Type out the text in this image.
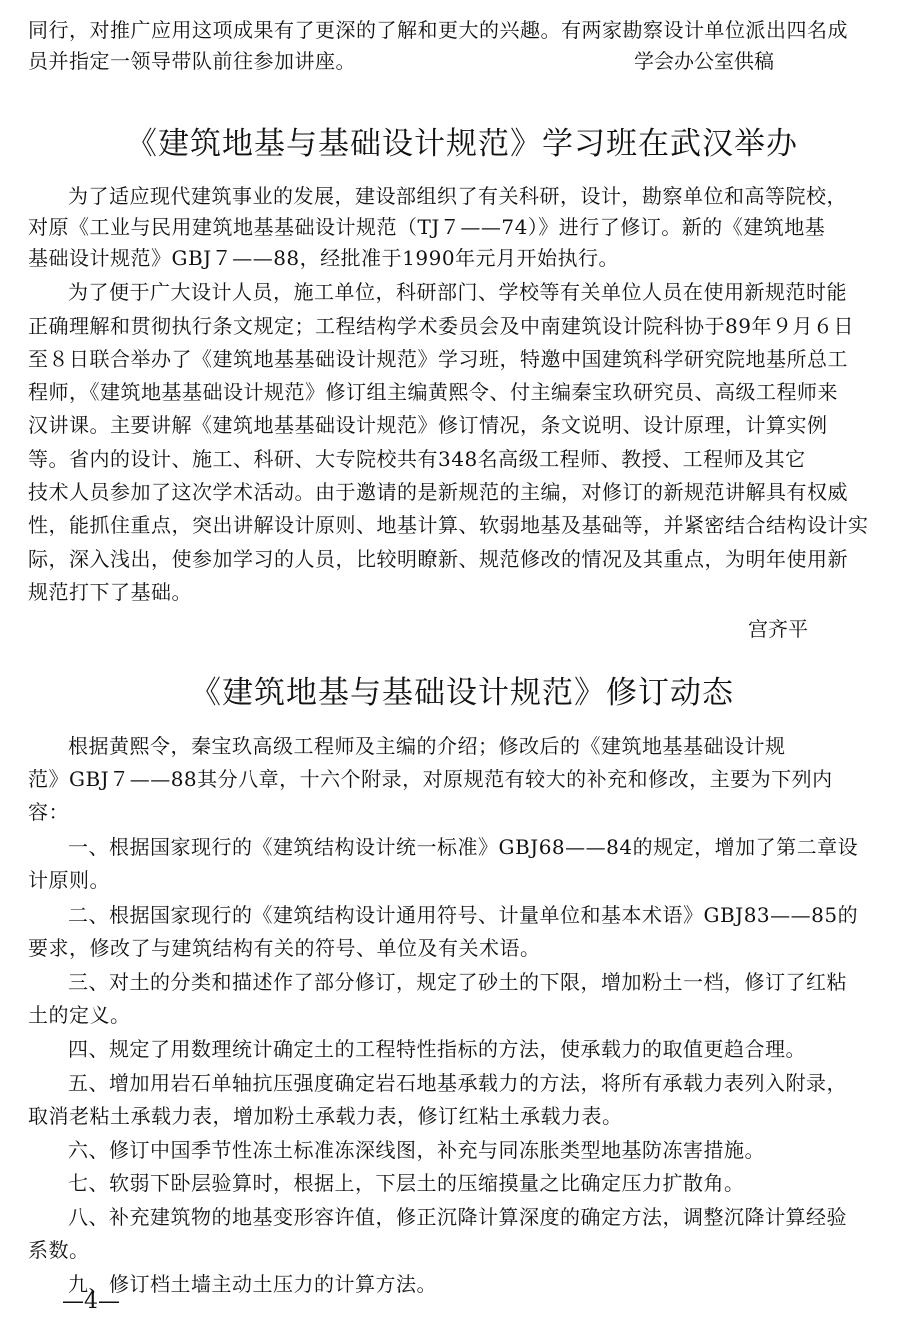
同行，对推广应用这项成果有了更深的了解和更大的兴趣。有两家勘察设计单位派出四名成
员并指定一领导带队前往参加讲座。	学会办公室供稿
《建筑地基与基础设计规范》学习班在武汉举办
为了适应现代建筑事业的发展，建设部组织了有关科研，设计，勘察单位和高等院校，
对原《工业与民用建筑地基基础设计规范（TJ７——74）》进行了修订。新的《建筑地基
基础设计规范》GBJ７——88，经批准于1990年元月开始执行。
为了便于广大设计人员，施工单位，科研部门、学校等有关单位人员在使用新规范时能
正确理解和贯彻执行条文规定；工程结构学术委员会及中南建筑设计院科协于89年９月６日
至８日联合举办了《建筑地基基础设计规范》学习班，特邀中国建筑科学研究院地基所总工
程师，《建筑地基基础设计规范》修订组主编黄熙令、付主编秦宝玖研究员、高级工程师来
汉讲课。主要讲解《建筑地基基础设计规范》修订情况，条文说明、设计原理，计算实例
等。省内的设计、施工、科研、大专院校共有348名高级工程师、教授、工程师及其它
技术人员参加了这次学术活动。由于邀请的是新规范的主编，对修订的新规范讲解具有权威
性，能抓住重点，突出讲解设计原则、地基计算、软弱地基及基础等，并紧密结合结构设计实
际，深入浅出，使参加学习的人员，比较明瞭新、规范修改的情况及其重点，为明年使用新
规范打下了基础。
宫齐平
《建筑地基与基础设计规范》修订动态
根据黄熙令，秦宝玖高级工程师及主编的介绍；修改后的《建筑地基基础设计规
范》GBJ７——88其分八章，十六个附录，对原规范有较大的补充和修改，主要为下列内
容：
一、根据国家现行的《建筑结构设计统一标准》GBJ68——84的规定，增加了第二章设
计原则。
二、根据国家现行的《建筑结构设计通用符号、计量单位和基本术语》GBJ83——85的
要求，修改了与建筑结构有关的符号、单位及有关术语。
三、对土的分类和描述作了部分修订，规定了砂土的下限，增加粉土一档，修订了红粘
土的定义。
四、规定了用数理统计确定土的工程特性指标的方法，使承载力的取值更趋合理。
五、增加用岩石单轴抗压强度确定岩石地基承载力的方法，将所有承载力表列入附录，
取消老粘土承载力表，增加粉土承载力表，修订红粘土承载力表。
六、修订中国季节性冻土标准冻深线图，补充与同冻胀类型地基防冻害措施。
七、软弱下卧层验算时，根据上，下层土的压缩摸量之比确定压力扩散角。
八、补充建筑物的地基变形容许值，修正沉降计算深度的确定方法，调整沉降计算经验
系数。
九、修订档土墙主动土压力的计算方法。
—4—
